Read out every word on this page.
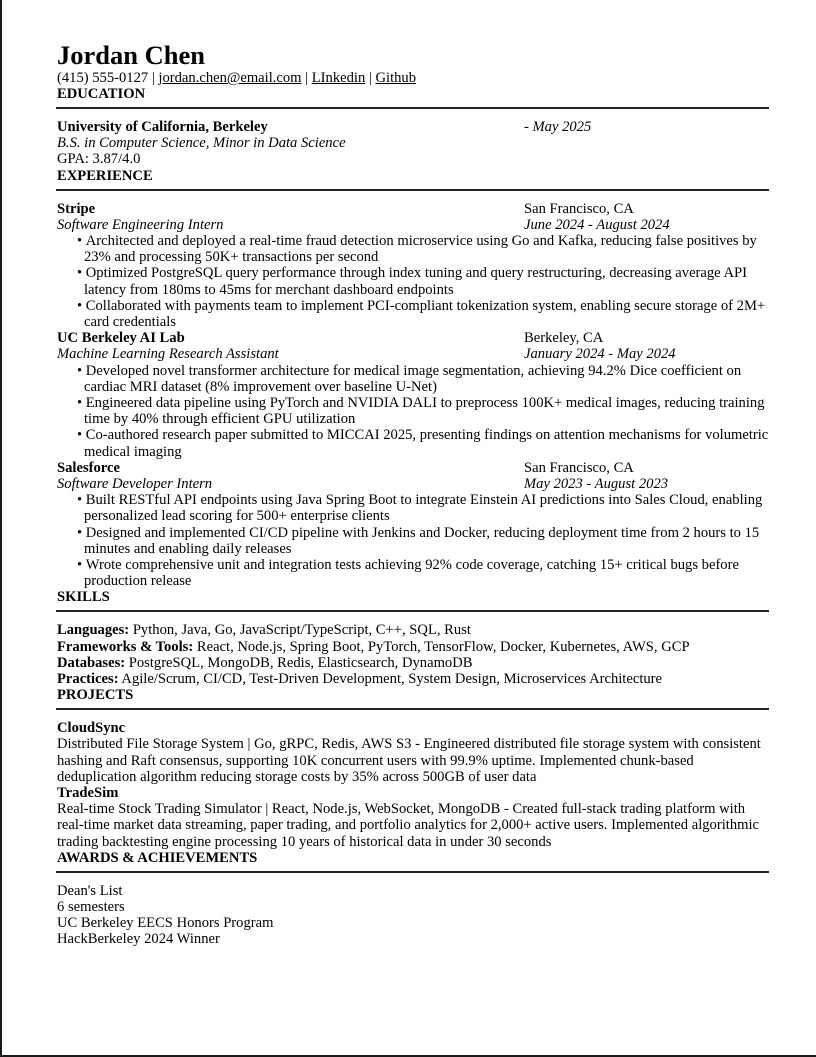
Jordan Chen
(415) 555-0127 | jordan.chen@email.com | LInkedin | Github
EDUCATION
University of California, Berkeley	- May 2025
B.S. in Computer Science, Minor in Data Science
GPA: 3.87/4.0
EXPERIENCE
Stripe	San Francisco, CA
Software Engineering Intern	June 2024 - August 2024
• Architected and deployed a real-time fraud detection microservice using Go and Kafka, reducing false positives by 23% and processing 50K+ transactions per second
• Optimized PostgreSQL query performance through index tuning and query restructuring, decreasing average API latency from 180ms to 45ms for merchant dashboard endpoints
• Collaborated with payments team to implement PCI-compliant tokenization system, enabling secure storage of 2M+ card credentials
UC Berkeley AI Lab	Berkeley, CA
Machine Learning Research Assistant	January 2024 - May 2024
• Developed novel transformer architecture for medical image segmentation, achieving 94.2% Dice coefficient on cardiac MRI dataset (8% improvement over baseline U-Net)
• Engineered data pipeline using PyTorch and NVIDIA DALI to preprocess 100K+ medical images, reducing training time by 40% through efficient GPU utilization
• Co-authored research paper submitted to MICCAI 2025, presenting findings on attention mechanisms for volumetric medical imaging
Salesforce	San Francisco, CA
Software Developer Intern	May 2023 - August 2023
• Built RESTful API endpoints using Java Spring Boot to integrate Einstein AI predictions into Sales Cloud, enabling personalized lead scoring for 500+ enterprise clients
• Designed and implemented CI/CD pipeline with Jenkins and Docker, reducing deployment time from 2 hours to 15 minutes and enabling daily releases
• Wrote comprehensive unit and integration tests achieving 92% code coverage, catching 15+ critical bugs before production release
SKILLS
Languages: Python, Java, Go, JavaScript/TypeScript, C++, SQL, Rust
Frameworks & Tools: React, Node.js, Spring Boot, PyTorch, TensorFlow, Docker, Kubernetes, AWS, GCP
Databases: PostgreSQL, MongoDB, Redis, Elasticsearch, DynamoDB
Practices: Agile/Scrum, CI/CD, Test-Driven Development, System Design, Microservices Architecture
PROJECTS
CloudSync
Distributed File Storage System | Go, gRPC, Redis, AWS S3 - Engineered distributed file storage system with consistent hashing and Raft consensus, supporting 10K concurrent users with 99.9% uptime. Implemented chunk-based deduplication algorithm reducing storage costs by 35% across 500GB of user data
TradeSim
Real-time Stock Trading Simulator | React, Node.js, WebSocket, MongoDB - Created full-stack trading platform with real-time market data streaming, paper trading, and portfolio analytics for 2,000+ active users. Implemented algorithmic trading backtesting engine processing 10 years of historical data in under 30 seconds
AWARDS & ACHIEVEMENTS
Dean's List
6 semesters
UC Berkeley EECS Honors Program
HackBerkeley 2024 Winner
